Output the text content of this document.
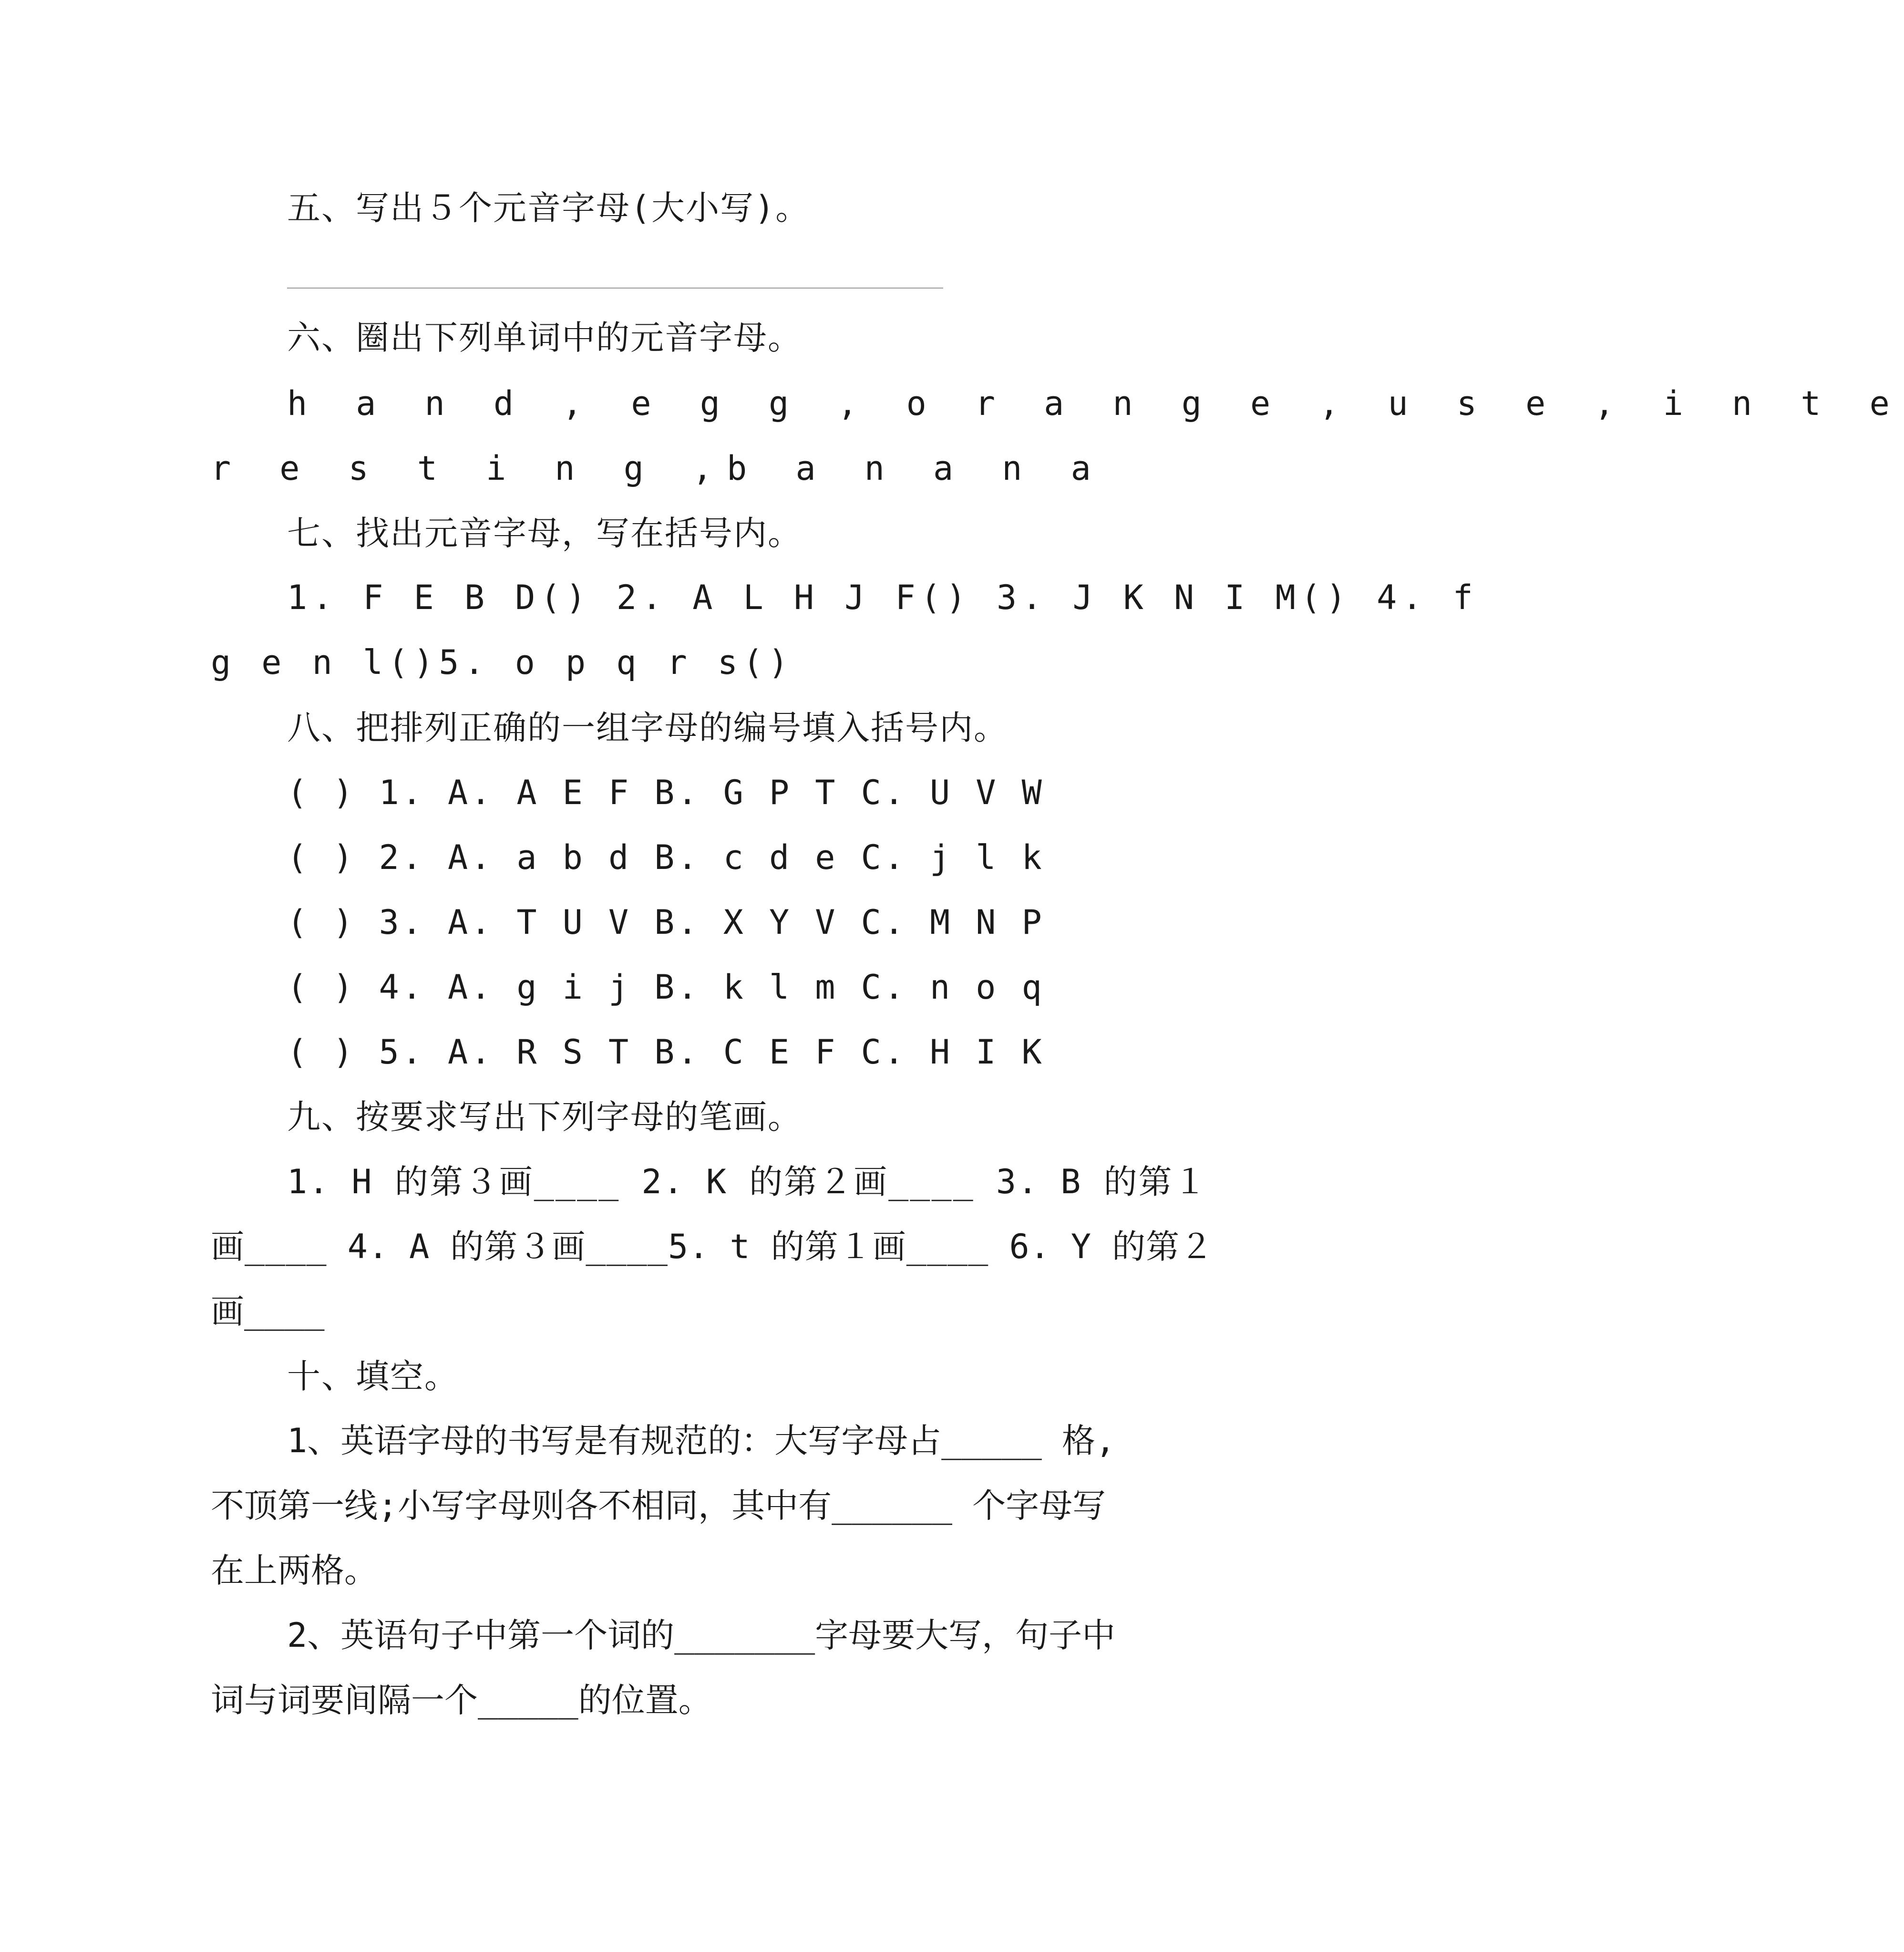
五、写出５个元音字母(大小写)。
六、圈出下列单词中的元音字母。
h a n d , e g g , o r a n g e , u s e , i n t e
r e s t i n g ,b a n a n a
七、找出元音字母，写在括号内。
1. F E B D() 2. A L H J F() 3. J K N I M() 4. f
g e n l()5. o p q r s()
八、把排列正确的一组字母的编号填入括号内。
( ) 1. A. A E F B. G P T C. U V W
( ) 2. A. a b d B. c d e C. j l k
( ) 3. A. T U V B. X Y V C. M N P
( ) 4. A. g i j B. k l m C. n o q
( ) 5. A. R S T B. C E F C. H I K
九、按要求写出下列字母的笔画。
1. H 的第３画____ 2. K 的第２画____ 3. B 的第１
画____ 4. A 的第３画____5. t 的第１画____ 6. Y 的第２
画____
十、填空。
1、英语字母的书写是有规范的：大写字母占_____ 格,
不顶第一线;小写字母则各不相同，其中有______ 个字母写
在上两格。
2、英语句子中第一个词的_______字母要大写，句子中
词与词要间隔一个_____的位置。
